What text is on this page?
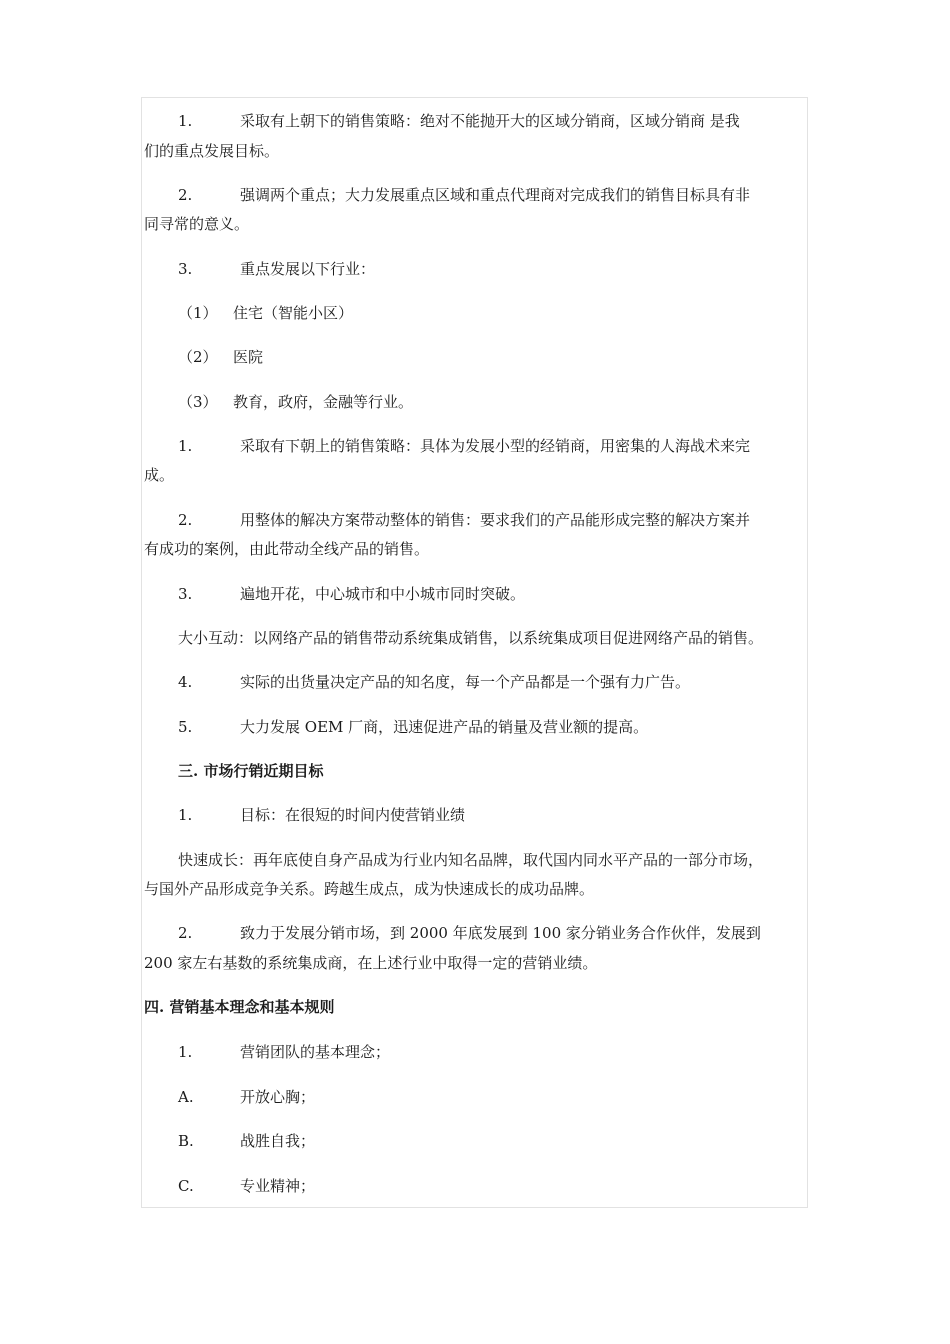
1.	采取有上朝下的销售策略：绝对不能抛开大的区域分销商，区域分销商 是我
们的重点发展目标。
2.	强调两个重点；大力发展重点区域和重点代理商对完成我们的销售目标具有非
同寻常的意义。
3.	重点发展以下行业：
（1） 住宅（智能小区）
（2） 医院
（3） 教育，政府，金融等行业。
1.	采取有下朝上的销售策略：具体为发展小型的经销商，用密集的人海战术来完
成。
2.	用整体的解决方案带动整体的销售：要求我们的产品能形成完整的解决方案并
有成功的案例，由此带动全线产品的销售。
3.	遍地开花，中心城市和中小城市同时突破。
大小互动：以网络产品的销售带动系统集成销售，以系统集成项目促进网络产品的销售。
4.	实际的出货量决定产品的知名度，每一个产品都是一个强有力广告。
5.	大力发展 OEM 厂商，迅速促进产品的销量及营业额的提高。
三. 市场行销近期目标
1.	目标：在很短的时间内使营销业绩
快速成长：再年底使自身产品成为行业内知名品牌，取代国内同水平产品的一部分市场，
与国外产品形成竞争关系。跨越生成点，成为快速成长的成功品牌。
2.	致力于发展分销市场，到 2000 年底发展到 100 家分销业务合作伙伴，发展到
200 家左右基数的系统集成商，在上述行业中取得一定的营销业绩。
四. 营销基本理念和基本规则
1.	营销团队的基本理念；
A.	开放心胸；
B.	战胜自我；
C.	专业精神；
